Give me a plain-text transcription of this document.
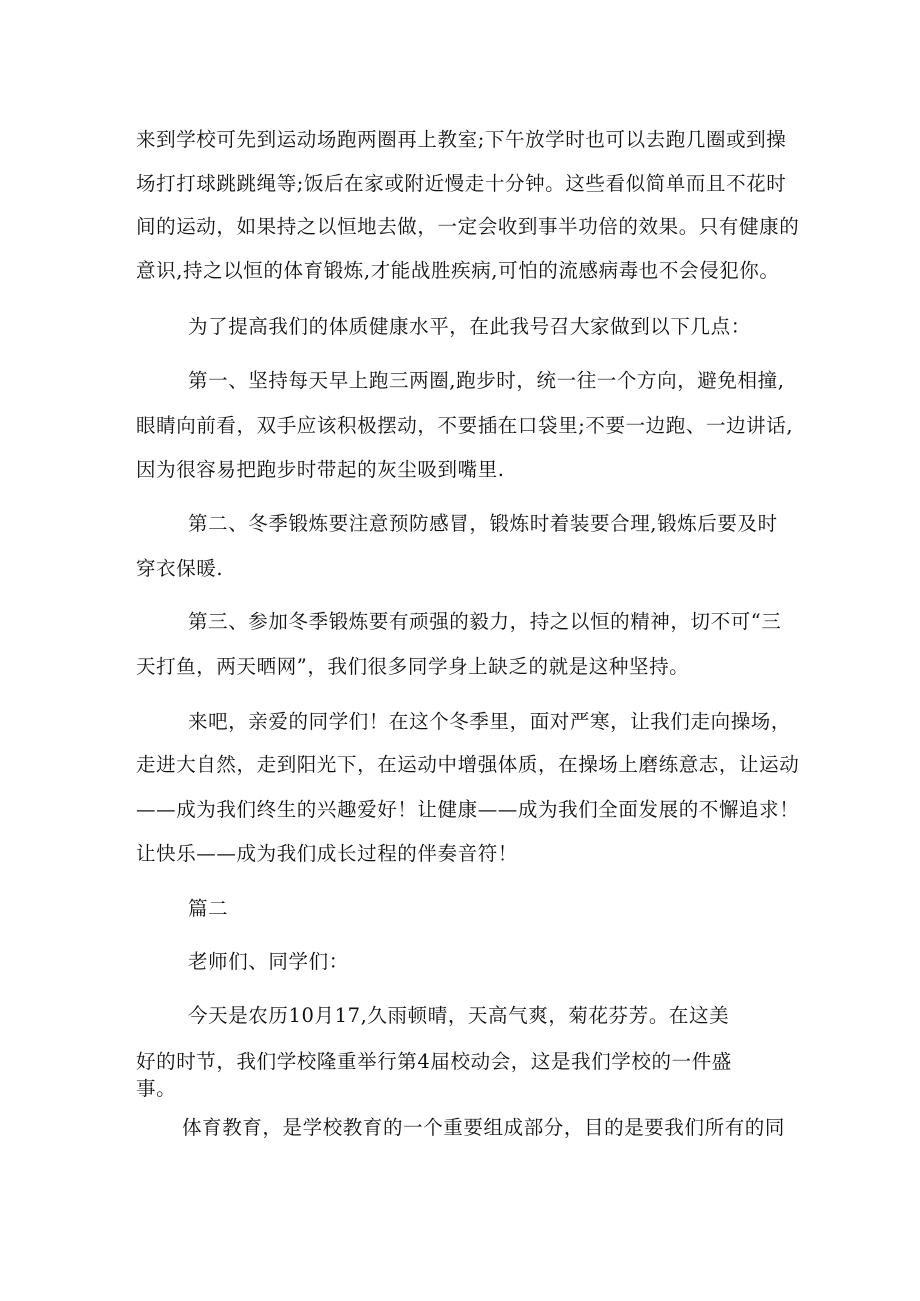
来到学校可先到运动场跑两圈再上教室;下午放学时也可以去跑几圈或到操
场打打球跳跳绳等;饭后在家或附近慢走十分钟。这些看似简单而且不花时
间的运动，如果持之以恒地去做，一定会收到事半功倍的效果。只有健康的
意识,持之以恒的体育锻炼,才能战胜疾病,可怕的流感病毒也不会侵犯你。
为了提高我们的体质健康水平，在此我号召大家做到以下几点：
第一、坚持每天早上跑三两圈,跑步时，统一往一个方向，避免相撞,
眼睛向前看，双手应该积极摆动，不要插在口袋里;不要一边跑、一边讲话,
因为很容易把跑步时带起的灰尘吸到嘴里.
第二、冬季锻炼要注意预防感冒，锻炼时着装要合理,锻炼后要及时
穿衣保暖.
第三、参加冬季锻炼要有顽强的毅力，持之以恒的精神，切不可“三
天打鱼，两天晒网”，我们很多同学身上缺乏的就是这种坚持。
来吧，亲爱的同学们！在这个冬季里，面对严寒，让我们走向操场，
走进大自然，走到阳光下，在运动中增强体质，在操场上磨练意志，让运动
——成为我们终生的兴趣爱好！让健康——成为我们全面发展的不懈追求！
让快乐——成为我们成长过程的伴奏音符！
篇二
老师们、同学们：
今天是农历10月17,久雨顿晴，天高气爽，菊花芬芳。在这美
好的时节，我们学校隆重举行第4届校动会，这是我们学校的一件盛
事。
体育教育，是学校教育的一个重要组成部分，目的是要我们所有的同
